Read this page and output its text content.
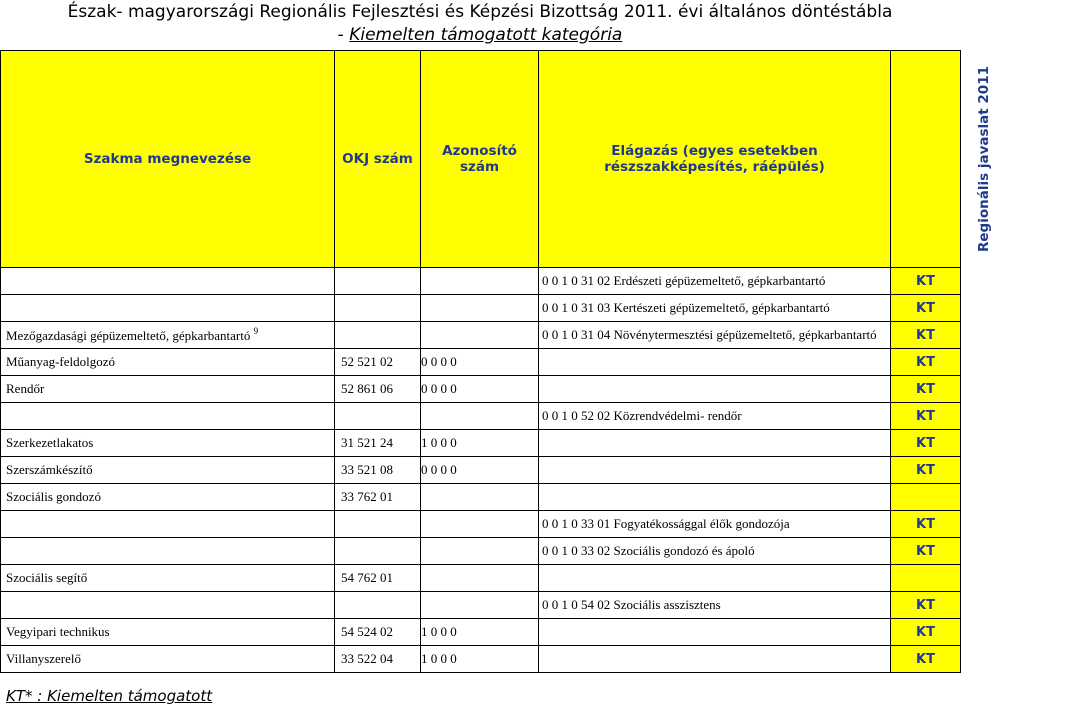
Észak- magyarországi Regionális Fejlesztési és Képzési Bizottság 2011. évi általános döntéstábla
- Kiemelten támogatott kategória
Szakma megnevezése	OKJ szám	Azonosító szám	Elágazás (egyes esetekben részszakképesítés, ráépülés)	Regionális javaslat 2011
			0 0 1 0 31 02 Erdészeti gépüzemeltető, gépkarbantartó	KT
			0 0 1 0 31 03 Kertészeti gépüzemeltető, gépkarbantartó	KT
Mezőgazdasági gépüzemeltető, gépkarbantartó $^9$			0 0 1 0 31 04 Növénytermesztési gépüzemeltető, gépkarbantartó	KT
Műanyag-feldolgozó	52 521 02	0 0 0 0		KT
Rendőr	52 861 06	0 0 0 0		KT
			0 0 1 0 52 02 Közrendvédelmi- rendőr	KT
Szerkezetlakatos	31 521 24	1 0 0 0		KT
Szerszámkészítő	33 521 08	0 0 0 0		KT
Szociális gondozó	33 762 01			
			0 0 1 0 33 01 Fogyatékossággal élők gondozója	KT
			0 0 1 0 33 02 Szociális gondozó és ápoló	KT
Szociális segítő	54 762 01			
			0 0 1 0 54 02 Szociális asszisztens	KT
Vegyipari technikus	54 524 02	1 0 0 0		KT
Villanyszerelő	33 522 04	1 0 0 0		KT
KT* : Kiemelten támogatott
